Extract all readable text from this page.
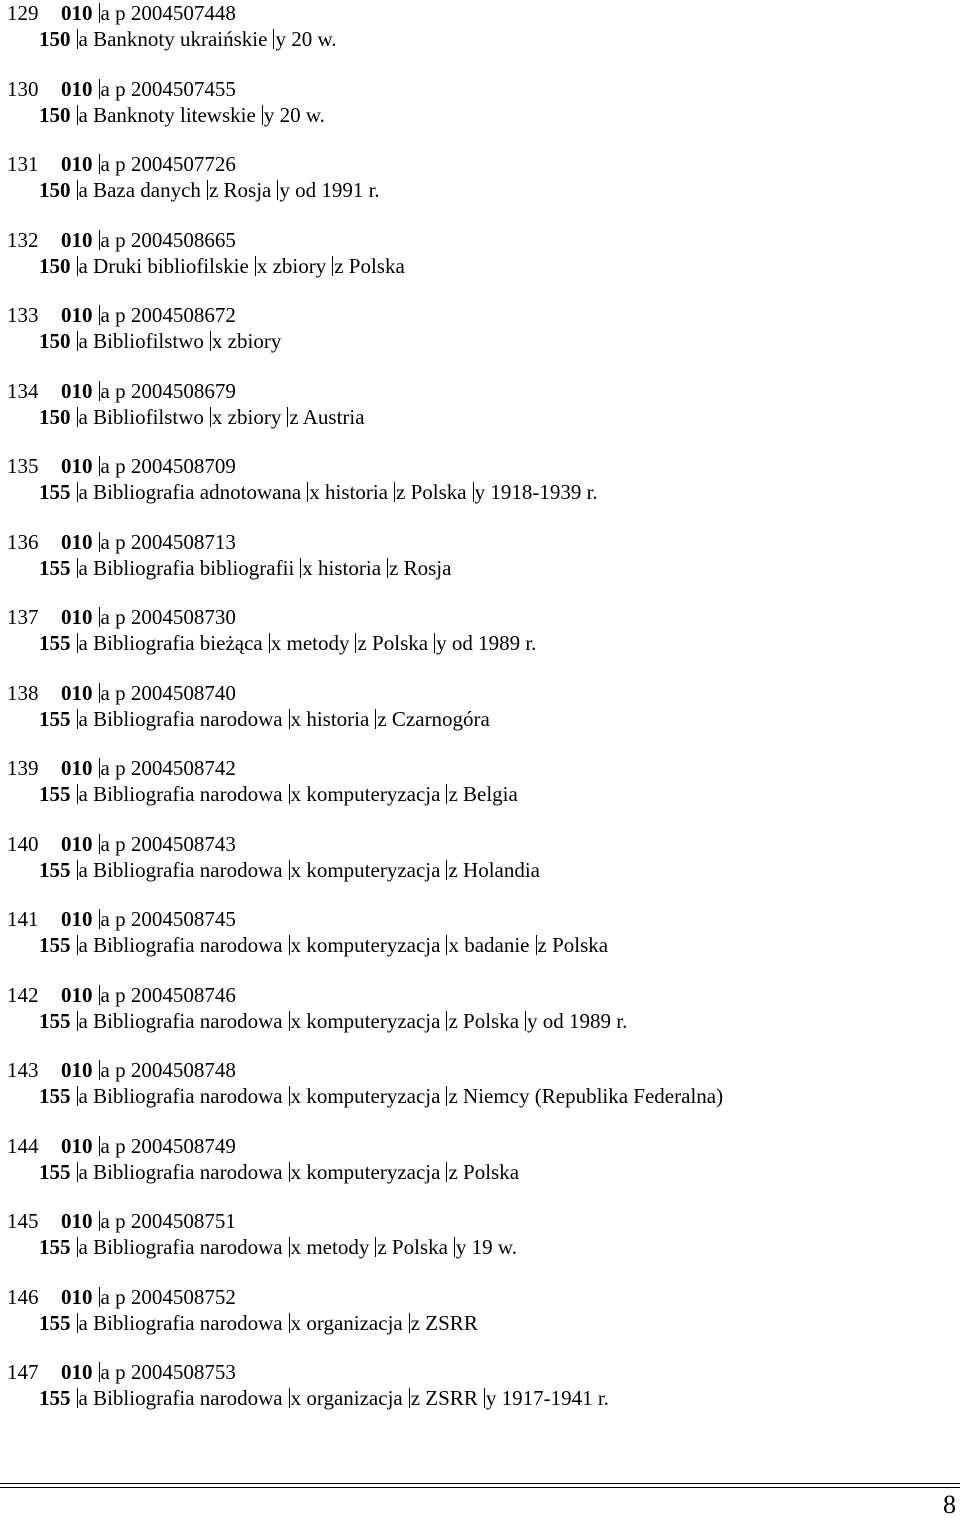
129 010 a p 2004507448
150 a Banknoty ukraińskie y 20 w.
130 010 a p 2004507455
150 a Banknoty litewskie y 20 w.
131 010 a p 2004507726
150 a Baza danych z Rosja y od 1991 r.
132 010 a p 2004508665
150 a Druki bibliofilskie x zbiory z Polska
133 010 a p 2004508672
150 a Bibliofilstwo x zbiory
134 010 a p 2004508679
150 a Bibliofilstwo x zbiory z Austria
135 010 a p 2004508709
155 a Bibliografia adnotowana x historia z Polska y 1918-1939 r.
136 010 a p 2004508713
155 a Bibliografia bibliografii x historia z Rosja
137 010 a p 2004508730
155 a Bibliografia bieżąca x metody z Polska y od 1989 r.
138 010 a p 2004508740
155 a Bibliografia narodowa x historia z Czarnogóra
139 010 a p 2004508742
155 a Bibliografia narodowa x komputeryzacja z Belgia
140 010 a p 2004508743
155 a Bibliografia narodowa x komputeryzacja z Holandia
141 010 a p 2004508745
155 a Bibliografia narodowa x komputeryzacja x badanie z Polska
142 010 a p 2004508746
155 a Bibliografia narodowa x komputeryzacja z Polska y od 1989 r.
143 010 a p 2004508748
155 a Bibliografia narodowa x komputeryzacja z Niemcy (Republika Federalna)
144 010 a p 2004508749
155 a Bibliografia narodowa x komputeryzacja z Polska
145 010 a p 2004508751
155 a Bibliografia narodowa x metody z Polska y 19 w.
146 010 a p 2004508752
155 a Bibliografia narodowa x organizacja z ZSRR
147 010 a p 2004508753
155 a Bibliografia narodowa x organizacja z ZSRR y 1917-1941 r.
8
